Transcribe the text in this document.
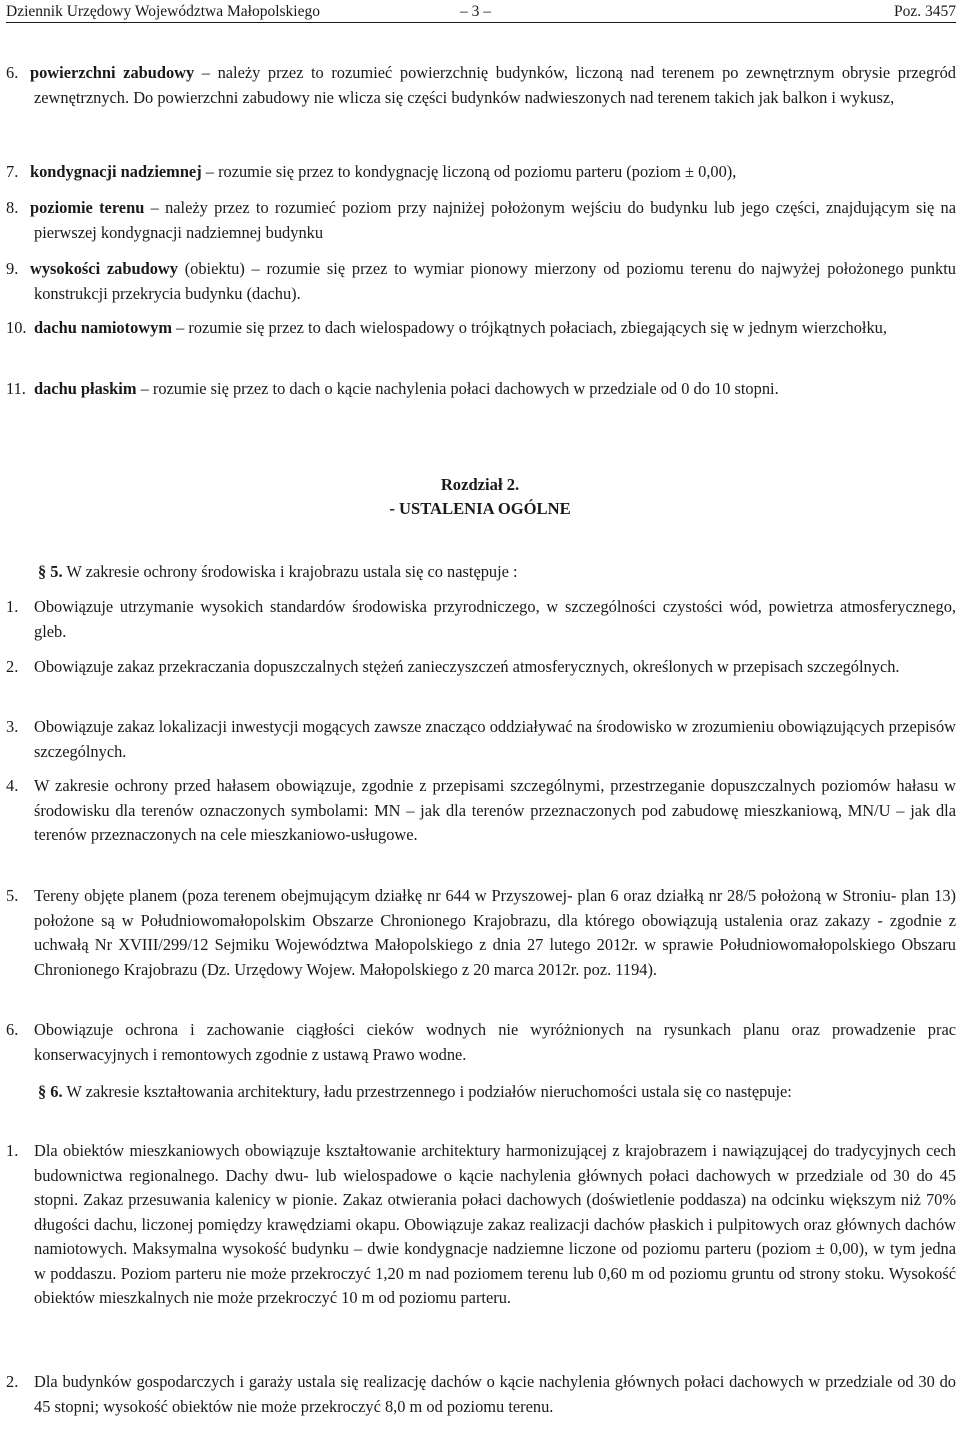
Dziennik Urzędowy Województwa Małopolskiego	– 3 –	Poz. 3457
6. powierzchni zabudowy – należy przez to rozumieć powierzchnię budynków, liczoną nad terenem po zewnętrznym obrysie przegród zewnętrznych. Do powierzchni zabudowy nie wlicza się części budynków nadwieszonych nad terenem takich jak balkon i wykusz,
7. kondygnacji nadziemnej – rozumie się przez to kondygnację liczoną od poziomu parteru (poziom ± 0,00),
8. poziomie terenu – należy przez to rozumieć poziom przy najniżej położonym wejściu do budynku lub jego części, znajdującym się na pierwszej kondygnacji nadziemnej budynku
9. wysokości zabudowy (obiektu) – rozumie się przez to wymiar pionowy mierzony od poziomu terenu do najwyżej położonego punktu konstrukcji przekrycia budynku (dachu).
10. dachu namiotowym – rozumie się przez to dach wielospadowy o trójkątnych połaciach, zbiegających się w jednym wierzchołku,
11. dachu płaskim – rozumie się przez to dach o kącie nachylenia połaci dachowych w przedziale od 0 do 10 stopni.
Rozdział 2.
- USTALENIA OGÓLNE
§ 5. W zakresie ochrony środowiska i krajobrazu ustala się co następuje :
1. Obowiązuje utrzymanie wysokich standardów środowiska przyrodniczego, w szczególności czystości wód, powietrza atmosferycznego, gleb.
2. Obowiązuje zakaz przekraczania dopuszczalnych stężeń zanieczyszczeń atmosferycznych, określonych w przepisach szczególnych.
3. Obowiązuje zakaz lokalizacji inwestycji mogących zawsze znacząco oddziaływać na środowisko w zrozumieniu obowiązujących przepisów szczególnych.
4. W zakresie ochrony przed hałasem obowiązuje, zgodnie z przepisami szczególnymi, przestrzeganie dopuszczalnych poziomów hałasu w środowisku dla terenów oznaczonych symbolami: MN – jak dla terenów przeznaczonych pod zabudowę mieszkaniową, MN/U – jak dla terenów przeznaczonych na cele mieszkaniowo-usługowe.
5. Tereny objęte planem (poza terenem obejmującym działkę nr 644 w Przyszowej- plan 6 oraz działką nr 28/5 położoną w Stroniu- plan 13) położone są w Południowomałopolskim Obszarze Chronionego Krajobrazu, dla którego obowiązują ustalenia oraz zakazy - zgodnie z uchwałą Nr XVIII/299/12 Sejmiku Województwa Małopolskiego z dnia 27 lutego 2012r. w sprawie Południowomałopolskiego Obszaru Chronionego Krajobrazu (Dz. Urzędowy Wojew. Małopolskiego z 20 marca 2012r. poz. 1194).
6. Obowiązuje ochrona i zachowanie ciągłości cieków wodnych nie wyróżnionych na rysunkach planu oraz prowadzenie prac konserwacyjnych i remontowych zgodnie z ustawą Prawo wodne.
§ 6. W zakresie kształtowania architektury, ładu przestrzennego i podziałów nieruchomości ustala się co następuje:
1. Dla obiektów mieszkaniowych obowiązuje kształtowanie architektury harmonizującej z krajobrazem i nawiązującej do tradycyjnych cech budownictwa regionalnego. Dachy dwu- lub wielospadowe o kącie nachylenia głównych połaci dachowych w przedziale od 30 do 45 stopni. Zakaz przesuwania kalenicy w pionie. Zakaz otwierania połaci dachowych (doświetlenie poddasza) na odcinku większym niż 70% długości dachu, liczonej pomiędzy krawędziami okapu. Obowiązuje zakaz realizacji dachów płaskich i pulpitowych oraz głównych dachów namiotowych. Maksymalna wysokość budynku – dwie kondygnacje nadziemne liczone od poziomu parteru (poziom ± 0,00), w tym jedna w poddaszu. Poziom parteru nie może przekroczyć 1,20 m nad poziomem terenu lub 0,60 m od poziomu gruntu od strony stoku. Wysokość obiektów mieszkalnych nie może przekroczyć 10 m od poziomu parteru.
2. Dla budynków gospodarczych i garaży ustala się realizację dachów o kącie nachylenia głównych połaci dachowych w przedziale od 30 do 45 stopni; wysokość obiektów nie może przekroczyć 8,0 m od poziomu terenu.
